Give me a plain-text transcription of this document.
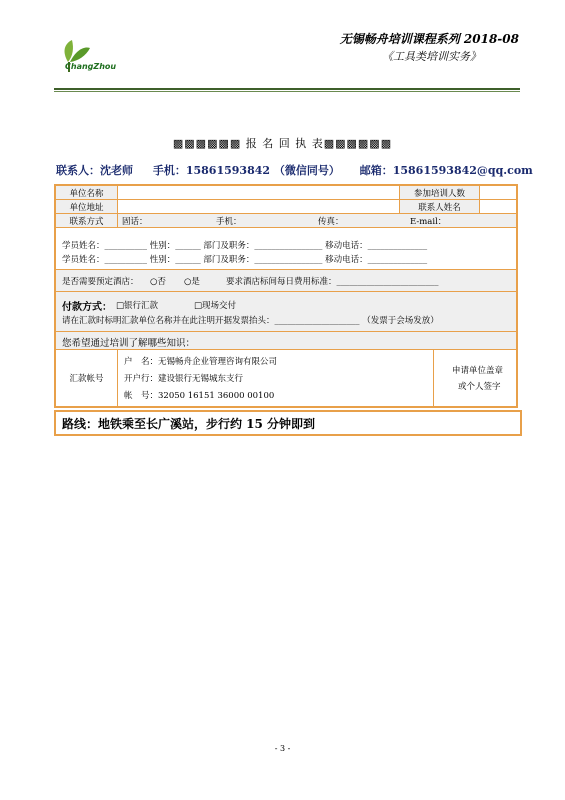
ChangZhou
无锡畅舟培训课程系列 2018-08
《工具类培训实务》
▩▩▩▩▩▩ 报 名 回 执 表▩▩▩▩▩▩
联系人：沈老师 手机：15861593842 （微信同号） 邮箱：15861593842@qq.com
单位名称	参加培训人数
单位地址	联系人姓名
联系方式	固话：	手机：	传真：	E-mail：
学员姓名：__________ 性别：______ 部门及职务：________________ 移动电话：______________
学员姓名：__________ 性别：______ 部门及职务：________________ 移动电话：______________
是否需要预定酒店： ○否 ○是	要求酒店标间每日费用标准：________________________
付款方式： □银行汇款	□现场交付
请在汇款时标明汇款单位名称并在此注明开据发票抬头：____________________ （发票于会场发放）
您希望通过培训了解哪些知识：
汇款帐号
户　名：无锡畅舟企业管理咨询有限公司
开户行：建设银行无锡城东支行
帐　号：32050 16151 36000 00100
申请单位盖章
或个人签字
路线：地铁乘至长广溪站，步行约 15 分钟即到
- 3 -
